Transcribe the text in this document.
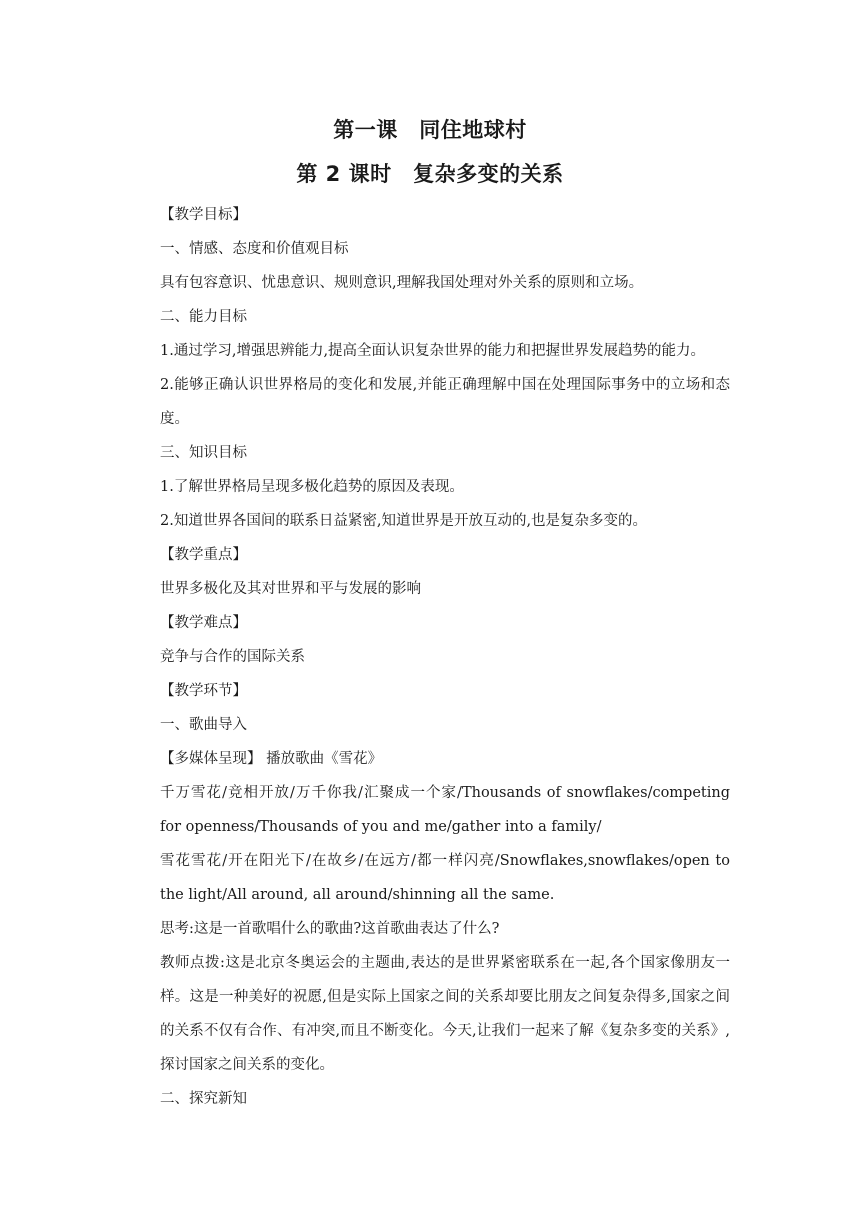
第一课　同住地球村
第 2 课时　复杂多变的关系

【教学目标】

一、情感、态度和价值观目标

具有包容意识、忧患意识、规则意识,理解我国处理对外关系的原则和立场。

二、能力目标

1.通过学习,增强思辨能力,提高全面认识复杂世界的能力和把握世界发展趋势的能力。

2.能够正确认识世界格局的变化和发展,并能正确理解中国在处理国际事务中的立场和态度。

三、知识目标

1.了解世界格局呈现多极化趋势的原因及表现。

2.知道世界各国间的联系日益紧密,知道世界是开放互动的,也是复杂多变的。

【教学重点】

世界多极化及其对世界和平与发展的影响

【教学难点】

竞争与合作的国际关系

【教学环节】

一、歌曲导入

【多媒体呈现】 播放歌曲《雪花》

千万雪花/竞相开放/万千你我/汇聚成一个家/Thousands of snowflakes/competing for openness/Thousands of you and me/gather into a family/

雪花雪花/开在阳光下/在故乡/在远方/都一样闪亮/Snowflakes,snowflakes/open to the light/All around, all around/shinning all the same.

思考:这是一首歌唱什么的歌曲?这首歌曲表达了什么?

教师点拨:这是北京冬奥运会的主题曲,表达的是世界紧密联系在一起,各个国家像朋友一样。这是一种美好的祝愿,但是实际上国家之间的关系却要比朋友之间复杂得多,国家之间的关系不仅有合作、有冲突,而且不断变化。今天,让我们一起来了解《复杂多变的关系》,探讨国家之间关系的变化。

二、探究新知
